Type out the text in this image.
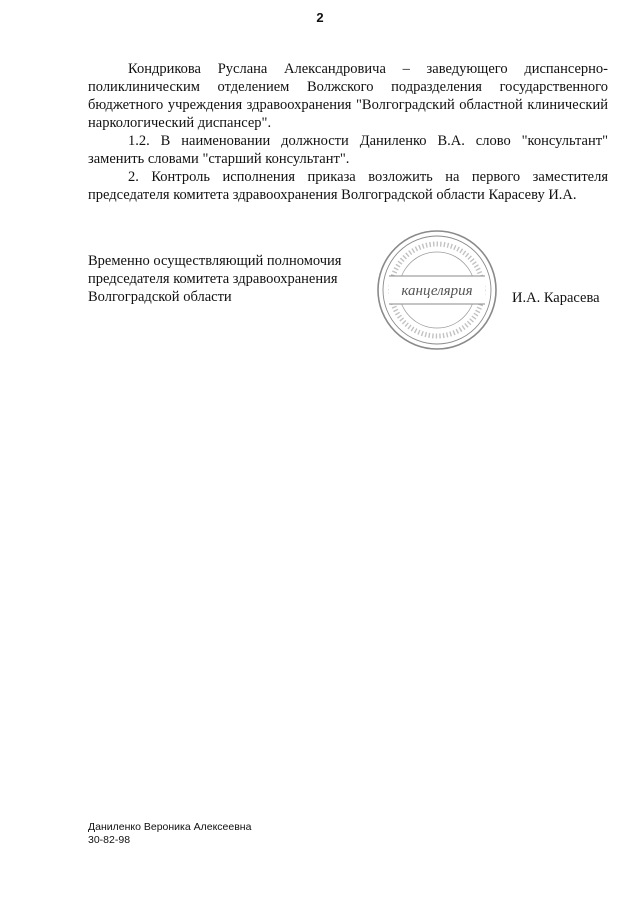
2

Кондрикова Руслана Александровича – заведующего диспансерно-поликлиническим отделением Волжского подразделения государственного бюджетного учреждения здравоохранения "Волгоградский областной клинический наркологический диспансер".

1.2. В наименовании должности Даниленко В.А. слово "консультант" заменить словами "старший консультант".

2. Контроль исполнения приказа возложить на первого заместителя председателя комитета здравоохранения Волгоградской области Карасеву И.А.

Временно осуществляющий полномочия
председателя комитета здравоохранения
Волгоградской области	канцелярия	И.А. Карасева
Даниленко Вероника Алексеевна
30-82-98
